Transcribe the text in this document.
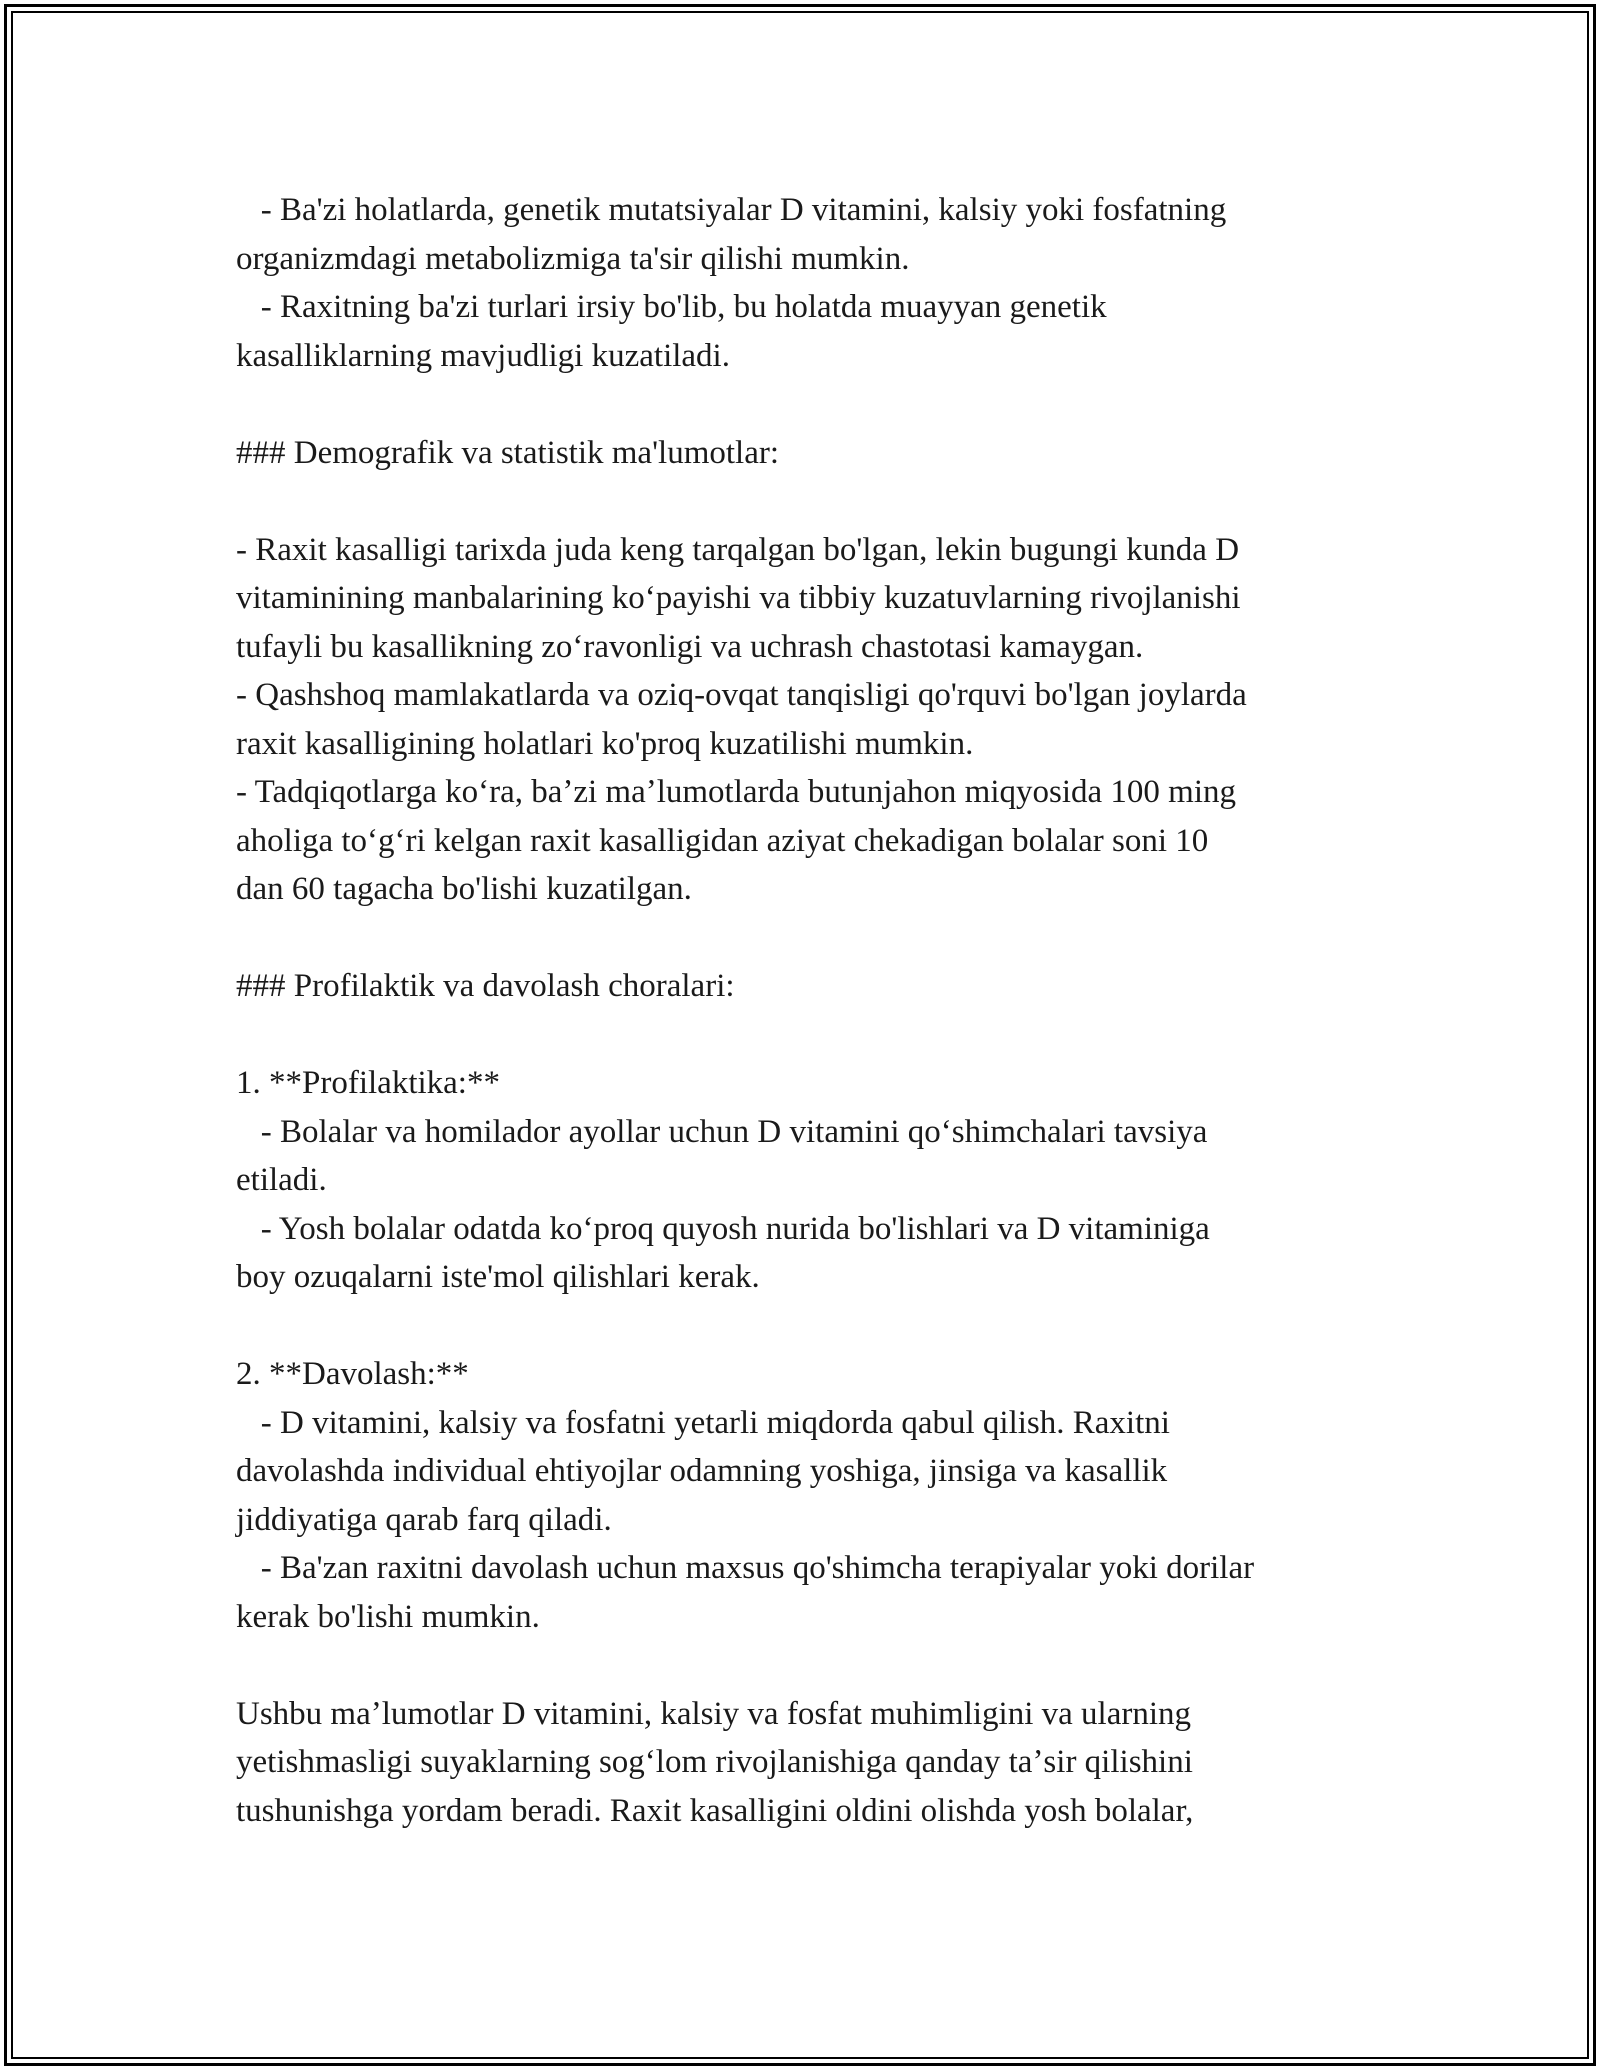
- Ba'zi holatlarda, genetik mutatsiyalar D vitamini, kalsiy yoki fosfatning

organizmdagi metabolizmiga ta'sir qilishi mumkin.

- Raxitning ba'zi turlari irsiy bo'lib, bu holatda muayyan genetik

kasalliklarning mavjudligi kuzatiladi.

### Demografik va statistik ma'lumotlar:

- Raxit kasalligi tarixda juda keng tarqalgan bo'lgan, lekin bugungi kunda D

vitaminining manbalarining koʻpayishi va tibbiy kuzatuvlarning rivojlanishi

tufayli bu kasallikning zoʻravonligi va uchrash chastotasi kamaygan.

- Qashshoq mamlakatlarda va oziq-ovqat tanqisligi qo'rquvi bo'lgan joylarda

raxit kasalligining holatlari ko'proq kuzatilishi mumkin.

- Tadqiqotlarga koʻra, baʼzi maʼlumotlarda butunjahon miqyosida 100 ming

aholiga toʻgʻri kelgan raxit kasalligidan aziyat chekadigan bolalar soni 10

dan 60 tagacha bo'lishi kuzatilgan.

### Profilaktik va davolash choralari:

1. **Profilaktika:**

- Bolalar va homilador ayollar uchun D vitamini qoʻshimchalari tavsiya

etiladi.

- Yosh bolalar odatda koʻproq quyosh nurida bo'lishlari va D vitaminiga

boy ozuqalarni iste'mol qilishlari kerak.

2. **Davolash:**

- D vitamini, kalsiy va fosfatni yetarli miqdorda qabul qilish. Raxitni

davolashda individual ehtiyojlar odamning yoshiga, jinsiga va kasallik

jiddiyatiga qarab farq qiladi.

- Ba'zan raxitni davolash uchun maxsus qo'shimcha terapiyalar yoki dorilar

kerak bo'lishi mumkin.

Ushbu maʼlumotlar D vitamini, kalsiy va fosfat muhimligini va ularning

yetishmasligi suyaklarning sogʻlom rivojlanishiga qanday taʼsir qilishini

tushunishga yordam beradi. Raxit kasalligini oldini olishda yosh bolalar,
